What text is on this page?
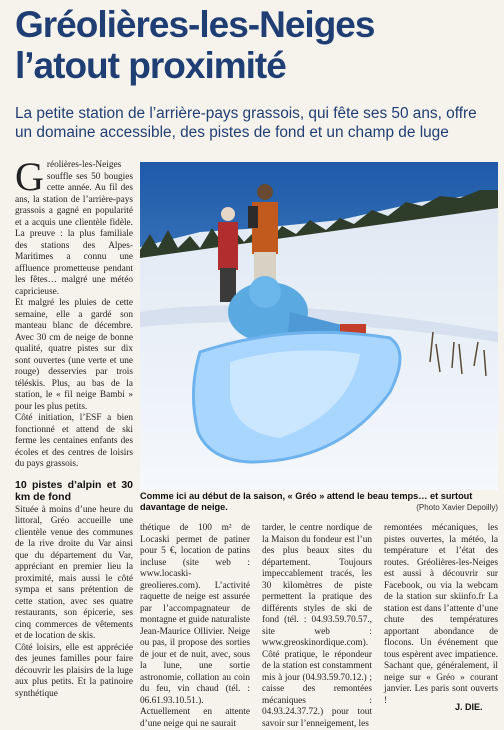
Gréolières-les-Neiges
l’atout proximité
La petite station de l’arrière-pays grassois, qui fête ses 50 ans, offre un domaine accessible, des pistes de fond et un champ de luge
G réolières-les-Neiges souffle ses 50 bougies cette année. Au fil des ans, la station de l’arrière-pays grassois a gagné en popularité et a acquis une clientèle fidèle. La preuve : la plus familiale des stations des Alpes-Maritimes a connu une affluence prometteuse pendant les fêtes… malgré une météo capricieuse.

Et malgré les pluies de cette semaine, elle a gardé son manteau blanc de décembre. Avec 30 cm de neige de bonne qualité, quatre pistes sur dix sont ouvertes (une verte et une rouge) desservies par trois téléskis. Plus, au bas de la station, le « fil neige Bambi » pour les plus petits.

Côté initiation, l’ESF a bien fonctionné et attend de ski ferme les centaines enfants des écoles et des centres de loisirs du pays grassois.

10 pistes d’alpin et 30 km de fond

Située à moins d’une heure du littoral, Gréo accueille une clientèle venue des communes de la rive droite du Var ainsi que du département du Var, appréciant en premier lieu la proximité, mais aussi le côté sympa et sans prétention de cette station, avec ses quatre restaurants, son épicerie, ses cinq commerces de vêtements et de location de skis.

Côté loisirs, elle est appréciée des jeunes familles pour faire découvrir les plaisirs de la luge aux plus petits. Et la patinoire synthétique

Comme ici au début de la saison, « Gréo » attend le beau temps… et surtout davantage de neige.	(Photo Xavier Depoilly)

thétique de 100 m² de Locaski permet de patiner pour 5 €, location de patins incluse (site web : www.locaski-greolieres.com). L’activité raquette de neige est assurée par l’accompagnateur de montagne et guide naturaliste Jean-Maurice Ollivier. Neige ou pas, il propose des sorties de jour et de nuit, avec, sous la lune, une sortie astronomie, collation au coin du feu, vin chaud (tél. : 06.61.93.10.51.). Actuellement en attente d’une neige qui ne saurait

tarder, le centre nordique de la Maison du fondeur est l’un des plus beaux sites du département. Toujours impeccablement tracés, les 30 kilomètres de piste permettent la pratique des différents styles de ski de fond (tél. : 04.93.59.70.57., site web : www.greoskinordique.com). Côté pratique, le répondeur de la station est constamment mis à jour (04.93.59.70.12.) ; caisse des remontées mécaniques : 04.93.24.37.72.) pour tout savoir sur l’enneigement, les

remontées mécaniques, les pistes ouvertes, la météo, la température et l’état des routes. Gréolières-les-Neiges est aussi à découvrir sur Facebook, ou via la webcam de la station sur skiinfo.fr La station est dans l’attente d’une chute des températures apportant abondance de flocons. Un événement que tous espèrent avec impatience. Sachant que, généralement, il neige sur « Gréo » courant janvier. Les paris sont ouverts !

J. DIE.
